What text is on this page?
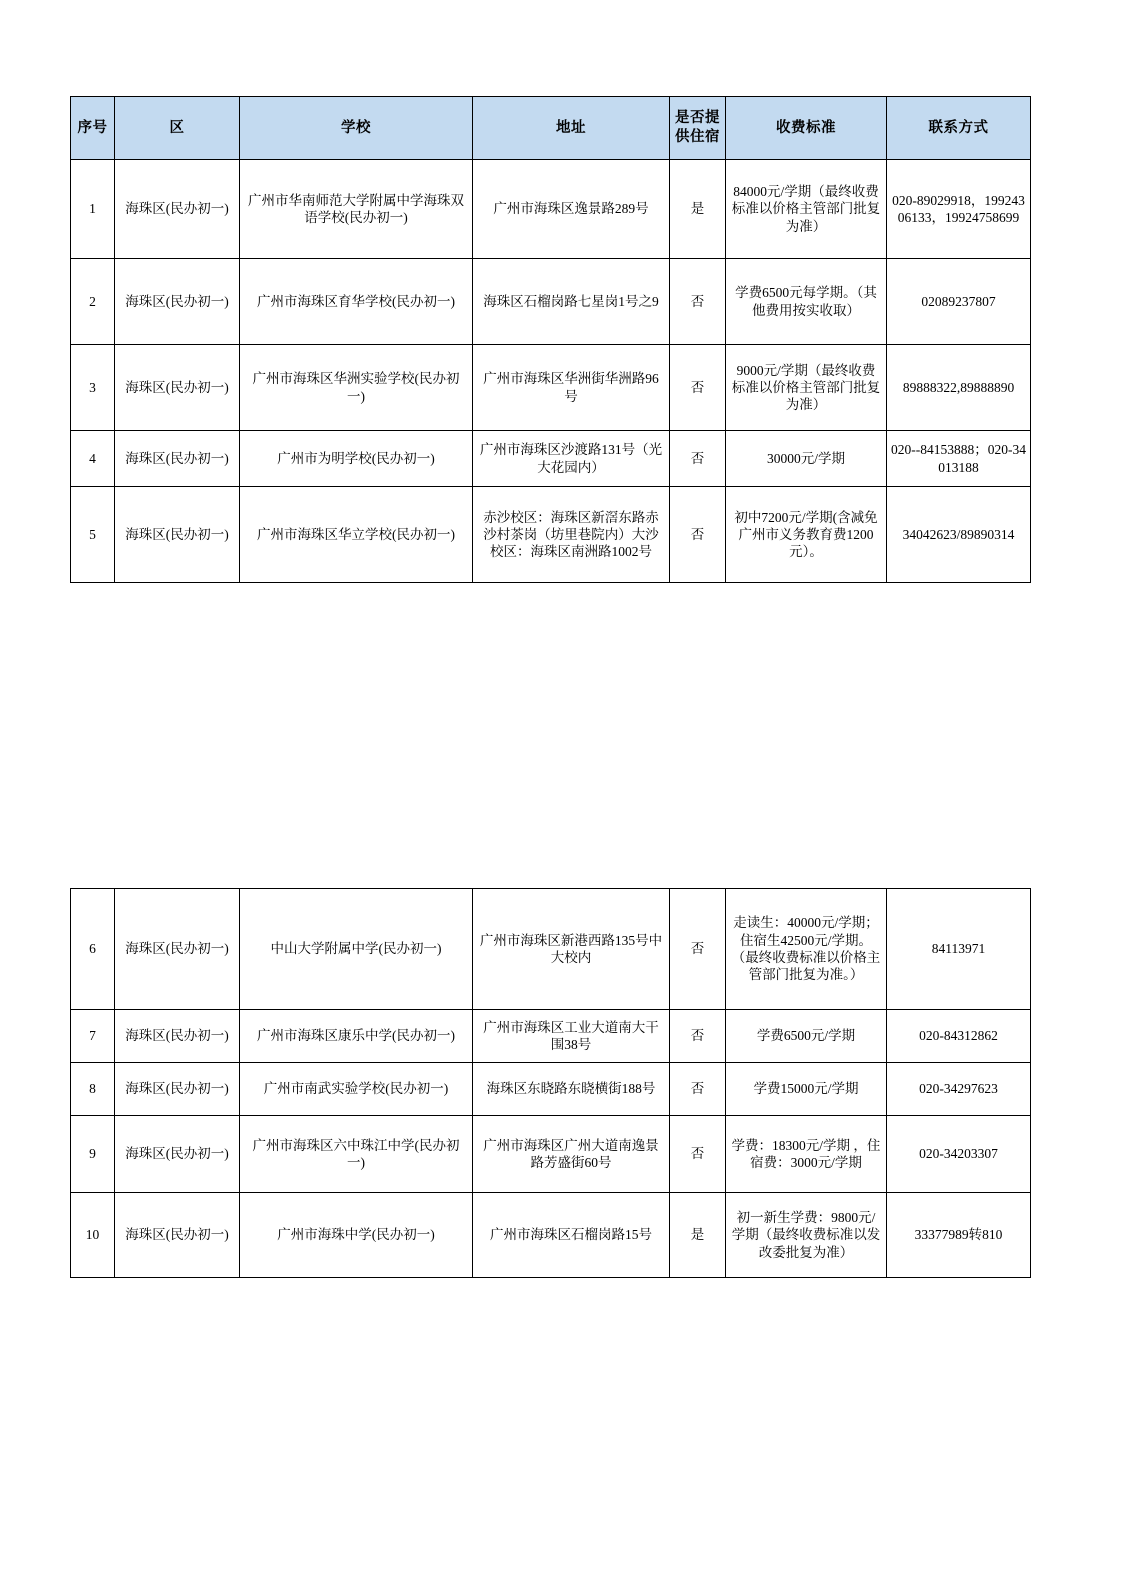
序号	区	学校	地址	是否提供住宿	收费标准	联系方式
1	海珠区(民办初一)	广州市华南师范大学附属中学海珠双语学校(民办初一)	广州市海珠区逸景路289号	是	84000元/学期（最终收费标准以价格主管部门批复为准）	020-89029918，19924306133，19924758699
2	海珠区(民办初一)	广州市海珠区育华学校(民办初一)	海珠区石榴岗路七星岗1号之9	否	学费6500元每学期。（其他费用按实收取）	02089237807
3	海珠区(民办初一)	广州市海珠区华洲实验学校(民办初一)	广州市海珠区华洲街华洲路96号	否	9000元/学期（最终收费标准以价格主管部门批复为准）	89888322,89888890
4	海珠区(民办初一)	广州市为明学校(民办初一)	广州市海珠区沙渡路131号（光大花园内）	否	30000元/学期	020--84153888；020-34013188
5	海珠区(民办初一)	广州市海珠区华立学校(民办初一)	赤沙校区：海珠区新滘东路赤沙村茶岗（坊里巷院内）大沙校区：海珠区南洲路1002号	否	初中7200元/学期(含减免广州市义务教育费1200元）。	34042623/89890314
6	海珠区(民办初一)	中山大学附属中学(民办初一)	广州市海珠区新港西路135号中大校内	否	走读生：40000元/学期；住宿生42500元/学期。（最终收费标准以价格主管部门批复为准。）	84113971
7	海珠区(民办初一)	广州市海珠区康乐中学(民办初一)	广州市海珠区工业大道南大干围38号	否	学费6500元/学期	020-84312862
8	海珠区(民办初一)	广州市南武实验学校(民办初一)	海珠区东晓路东晓横街188号	否	学费15000元/学期	020-34297623
9	海珠区(民办初一)	广州市海珠区六中珠江中学(民办初一)	广州市海珠区广州大道南逸景路芳盛街60号	否	学费：18300元/学期 ，住宿费：3000元/学期	020-34203307
10	海珠区(民办初一)	广州市海珠中学(民办初一)	广州市海珠区石榴岗路15号	是	初一新生学费：9800元/学期（最终收费标准以发改委批复为准）	33377989转810
